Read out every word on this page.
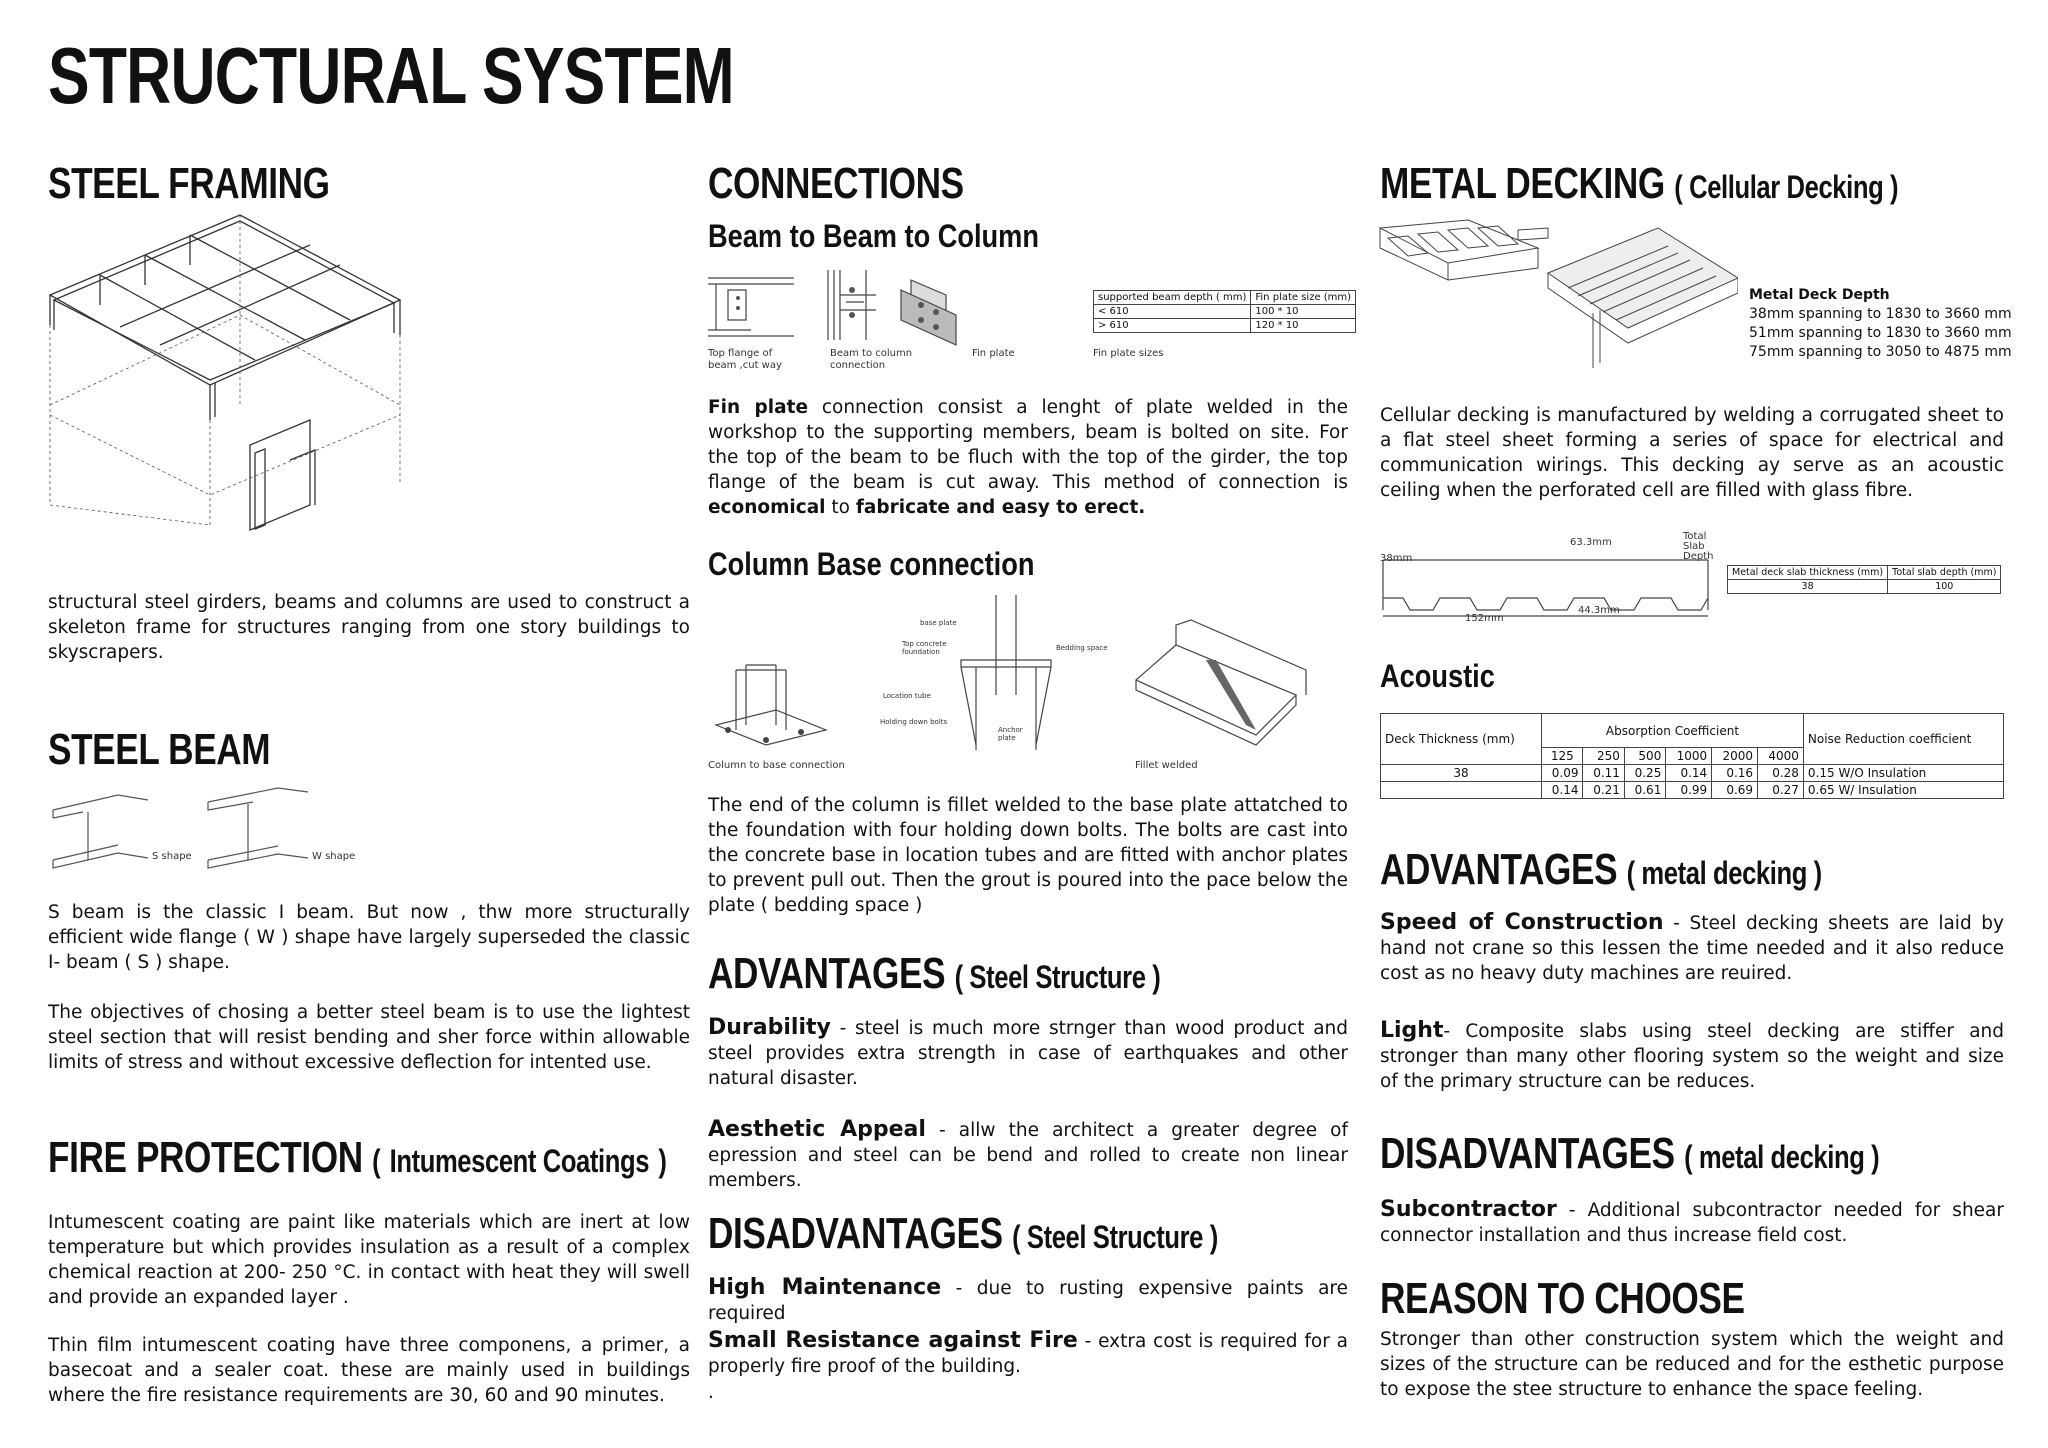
STRUCTURAL SYSTEM
STEEL FRAMING
structural steel girders, beams and columns are used to construct a skeleton frame for structures ranging from one story buildings to skyscrapers.
STEEL BEAM
S shape	W shape
S beam is the classic I beam. But now , thw more structurally efficient wide flange ( W ) shape have largely superseded the classic I- beam ( S ) shape.
The objectives of chosing a better steel beam is to use the lightest steel section that will resist bending and sher force within allowable limits of stress and without excessive deflection for intented use.
FIRE PROTECTION ( Intumescent Coatings )
Intumescent coating are paint like materials which are inert at low temperature but which provides insulation as a result of a complex chemical reaction at 200- 250 °C. in contact with heat they will swell and provide an expanded layer .
Thin film intumescent coating have three componens, a primer, a basecoat and a sealer coat. these are mainly used in buildings where the fire resistance requirements are 30, 60 and 90 minutes.
CONNECTIONS
Beam to Beam to Column
supported beam depth ( mm)	Fin plate size (mm)
< 610	100 * 10
> 610	120 * 10
Top flange of beam ,cut way
Beam to column connection
Fin plate	Fin plate sizes
Fin plate connection consist a lenght of plate welded in the workshop to the supporting members, beam is bolted on site. For the top of the beam to be fluch with the top of the girder, the top flange of the beam is cut away. This method of connection is economical to fabricate and easy to erect.
Column Base connection
base plate
Top concrete foundation	Bedding space
Location tube
Holding down bolts
Anchor plate
Column to base connection	Fillet welded
The end of the column is fillet welded to the base plate attatched to the foundation with four holding down bolts. The bolts are cast into the concrete base in location tubes and are fitted with anchor plates to prevent pull out. Then the grout is poured into the pace below the plate ( bedding space )
ADVANTAGES ( Steel Structure )
Durability - steel is much more strnger than wood product and steel provides extra strength in case of earthquakes and other natural disaster.
Aesthetic Appeal - allw the architect a greater degree of epression and steel can be bend and rolled to create non linear members.
DISADVANTAGES ( Steel Structure )
High Maintenance - due to rusting expensive paints are required
Small Resistance against Fire - extra cost is required for a properly fire proof of the building.
.
METAL DECKING ( Cellular Decking )
Metal Deck Depth
38mm spanning to 1830 to 3660 mm
51mm spanning to 1830 to 3660 mm
75mm spanning to 3050 to 4875 mm
Cellular decking is manufactured by welding a corrugated sheet to a flat steel sheet forming a series of space for electrical and communication wirings. This decking ay serve as an acoustic ceiling when the perforated cell are filled with glass fibre.
38mm
63.3mm
Total Slab Depth
152mm
44.3mm
Metal deck slab thickness (mm)	Total slab depth (mm)
38	100
Acoustic
Deck Thickness (mm)	Absorption Coefficient						Noise Reduction coefficient
	125	250	500	1000	2000	4000	
38	0.09	0.11	0.25	0.14	0.16	0.28	0.15 W/O Insulation
	0.14	0.21	0.61	0.99	0.69	0.27	0.65 W/ Insulation
ADVANTAGES ( metal decking )
Speed of Construction - Steel decking sheets are laid by hand not crane so this lessen the time needed and it also reduce cost as no heavy duty machines are reuired.
Light- Composite slabs using steel decking are stiffer and stronger than many other flooring system so the weight and size of the primary structure can be reduces.
DISADVANTAGES ( metal decking )
Subcontractor - Additional subcontractor needed for shear connector installation and thus increase field cost.
REASON TO CHOOSE
Stronger than other construction system which the weight and sizes of the structure can be reduced and for the esthetic purpose to expose the stee structure to enhance the space feeling.
